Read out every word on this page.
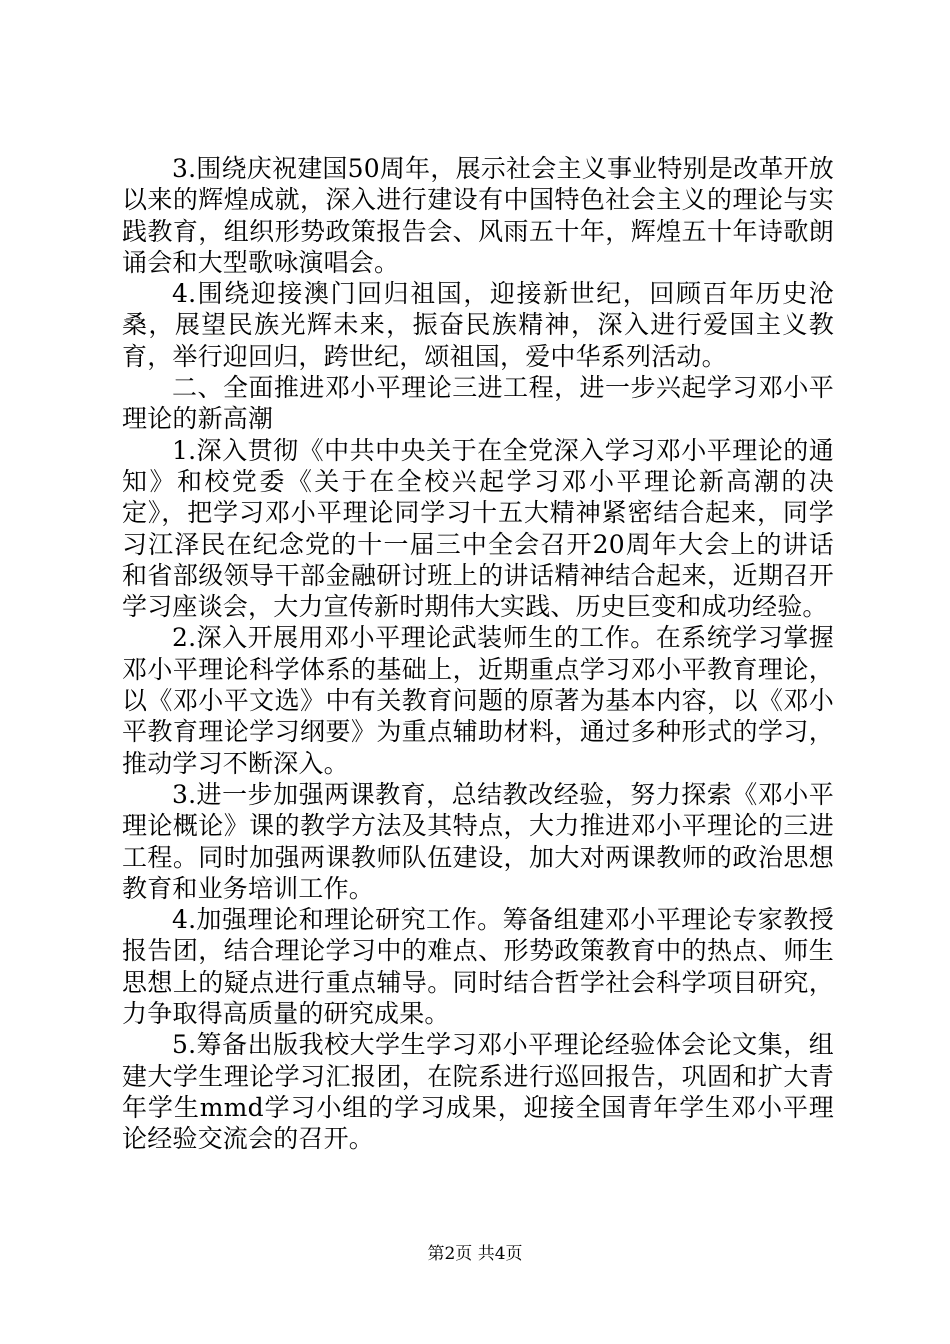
3.围绕庆祝建国50周年，展示社会主义事业特别是改革开放以来的辉煌成就，深入进行建设有中国特色社会主义的理论与实践教育，组织形势政策报告会、风雨五十年，辉煌五十年诗歌朗诵会和大型歌咏演唱会。

4.围绕迎接澳门回归祖国，迎接新世纪，回顾百年历史沧桑，展望民族光辉未来，振奋民族精神，深入进行爱国主义教育，举行迎回归，跨世纪，颂祖国，爱中华系列活动。

二、全面推进邓小平理论三进工程，进一步兴起学习邓小平理论的新高潮

1.深入贯彻《中共中央关于在全党深入学习邓小平理论的通知》和校党委《关于在全校兴起学习邓小平理论新高潮的决定》，把学习邓小平理论同学习十五大精神紧密结合起来，同学习江泽民在纪念党的十一届三中全会召开20周年大会上的讲话和省部级领导干部金融研讨班上的讲话精神结合起来，近期召开学习座谈会，大力宣传新时期伟大实践、历史巨变和成功经验。

2.深入开展用邓小平理论武装师生的工作。在系统学习掌握邓小平理论科学体系的基础上，近期重点学习邓小平教育理论，以《邓小平文选》中有关教育问题的原著为基本内容，以《邓小平教育理论学习纲要》为重点辅助材料，通过多种形式的学习，推动学习不断深入。

3.进一步加强两课教育，总结教改经验，努力探索《邓小平理论概论》课的教学方法及其特点，大力推进邓小平理论的三进工程。同时加强两课教师队伍建设，加大对两课教师的政治思想教育和业务培训工作。

4.加强理论和理论研究工作。筹备组建邓小平理论专家教授报告团，结合理论学习中的难点、形势政策教育中的热点、师生思想上的疑点进行重点辅导。同时结合哲学社会科学项目研究，力争取得高质量的研究成果。

5.筹备出版我校大学生学习邓小平理论经验体会论文集，组建大学生理论学习汇报团，在院系进行巡回报告，巩固和扩大青年学生mmd学习小组的学习成果，迎接全国青年学生邓小平理论经验交流会的召开。

第2页 共4页
